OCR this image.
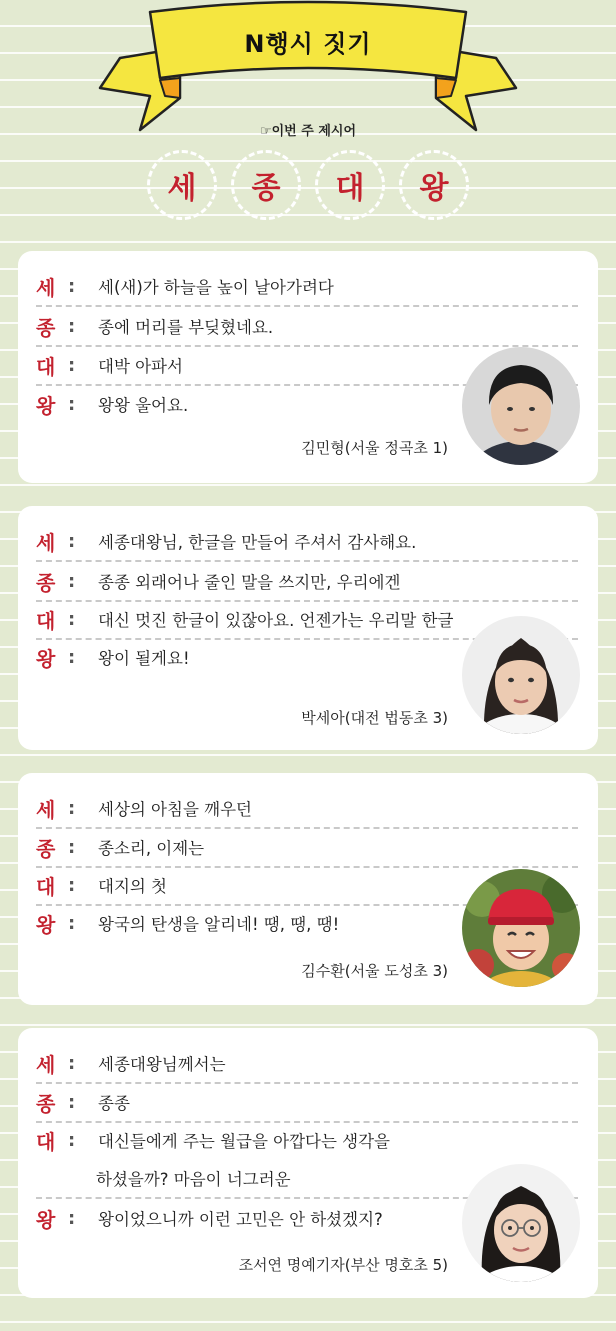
N행시 짓기
☞이번 주 제시어
세	종	대	왕
세 :	세(새)가 하늘을 높이 날아가려다
종 :	종에 머리를 부딪혔네요.
대 :	대박 아파서
왕 :	왕왕 울어요.
김민형(서울 정곡초 1)
세 :	세종대왕님, 한글을 만들어 주셔서 감사해요.
종 :	종종 외래어나 줄인 말을 쓰지만, 우리에겐
대 :	대신 멋진 한글이 있잖아요. 언젠가는 우리말 한글
왕 :	왕이 될게요!
박세아(대전 법동초 3)
세 :	세상의 아침을 깨우던
종 :	종소리, 이제는
대 :	대지의 첫
왕 :	왕국의 탄생을 알리네! 땡, 땡, 땡!
김수환(서울 도성초 3)
세 :	세종대왕님께서는
종 :	종종
대 :	대신들에게 주는 월급을 아깝다는 생각을
하셨을까? 마음이 너그러운
왕 :	왕이었으니까 이런 고민은 안 하셨겠지?
조서연 명예기자(부산 명호초 5)
